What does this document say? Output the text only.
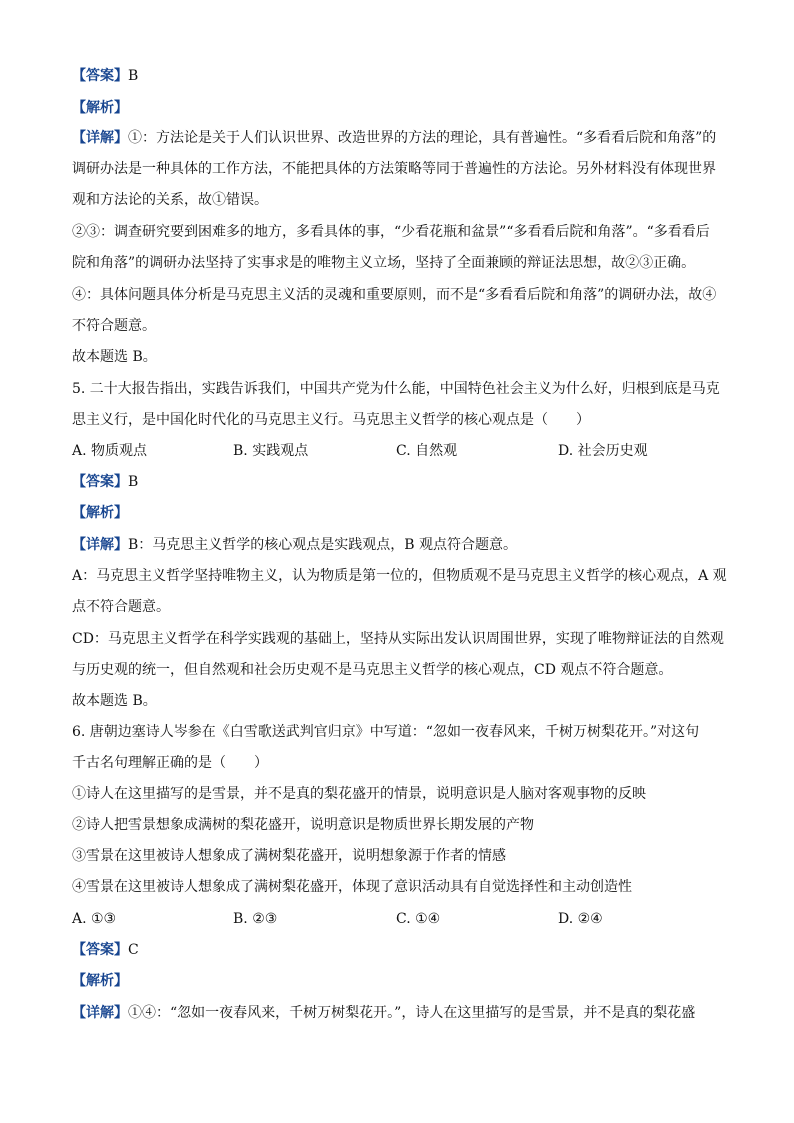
【答案】B
【解析】
【详解】①：方法论是关于人们认识世界、改造世界的方法的理论，具有普遍性。“多看看后院和角落”的
调研办法是一种具体的工作方法，不能把具体的方法策略等同于普遍性的方法论。另外材料没有体现世界
观和方法论的关系，故①错误。
②③：调查研究要到困难多的地方，多看具体的事，“少看花瓶和盆景”“多看看后院和角落”。“多看看后
院和角落”的调研办法坚持了实事求是的唯物主义立场，坚持了全面兼顾的辩证法思想，故②③正确。
④：具体问题具体分析是马克思主义活的灵魂和重要原则，而不是“多看看后院和角落”的调研办法，故④
不符合题意。
故本题选 B。
5. 二十大报告指出，实践告诉我们，中国共产党为什么能，中国特色社会主义为什么好，归根到底是马克
思主义行，是中国化时代化的马克思主义行。马克思主义哲学的核心观点是（　　）
A. 物质观点	B. 实践观点	C. 自然观	D. 社会历史观
【答案】B
【解析】
【详解】B：马克思主义哲学的核心观点是实践观点，B 观点符合题意。
A：马克思主义哲学坚持唯物主义，认为物质是第一位的，但物质观不是马克思主义哲学的核心观点，A 观
点不符合题意。
CD：马克思主义哲学在科学实践观的基础上，坚持从实际出发认识周围世界，实现了唯物辩证法的自然观
与历史观的统一，但自然观和社会历史观不是马克思主义哲学的核心观点，CD 观点不符合题意。
故本题选 B。
6. 唐朝边塞诗人岑参在《白雪歌送武判官归京》中写道：“忽如一夜春风来，千树万树梨花开。”对这句
千古名句理解正确的是（　　）
①诗人在这里描写的是雪景，并不是真的梨花盛开的情景，说明意识是人脑对客观事物的反映
②诗人把雪景想象成满树的梨花盛开，说明意识是物质世界长期发展的产物
③雪景在这里被诗人想象成了满树梨花盛开，说明想象源于作者的情感
④雪景在这里被诗人想象成了满树梨花盛开，体现了意识活动具有自觉选择性和主动创造性
A. ①③	B. ②③	C. ①④	D. ②④
【答案】C
【解析】
【详解】①④：“忽如一夜春风来，千树万树梨花开。”，诗人在这里描写的是雪景，并不是真的梨花盛
